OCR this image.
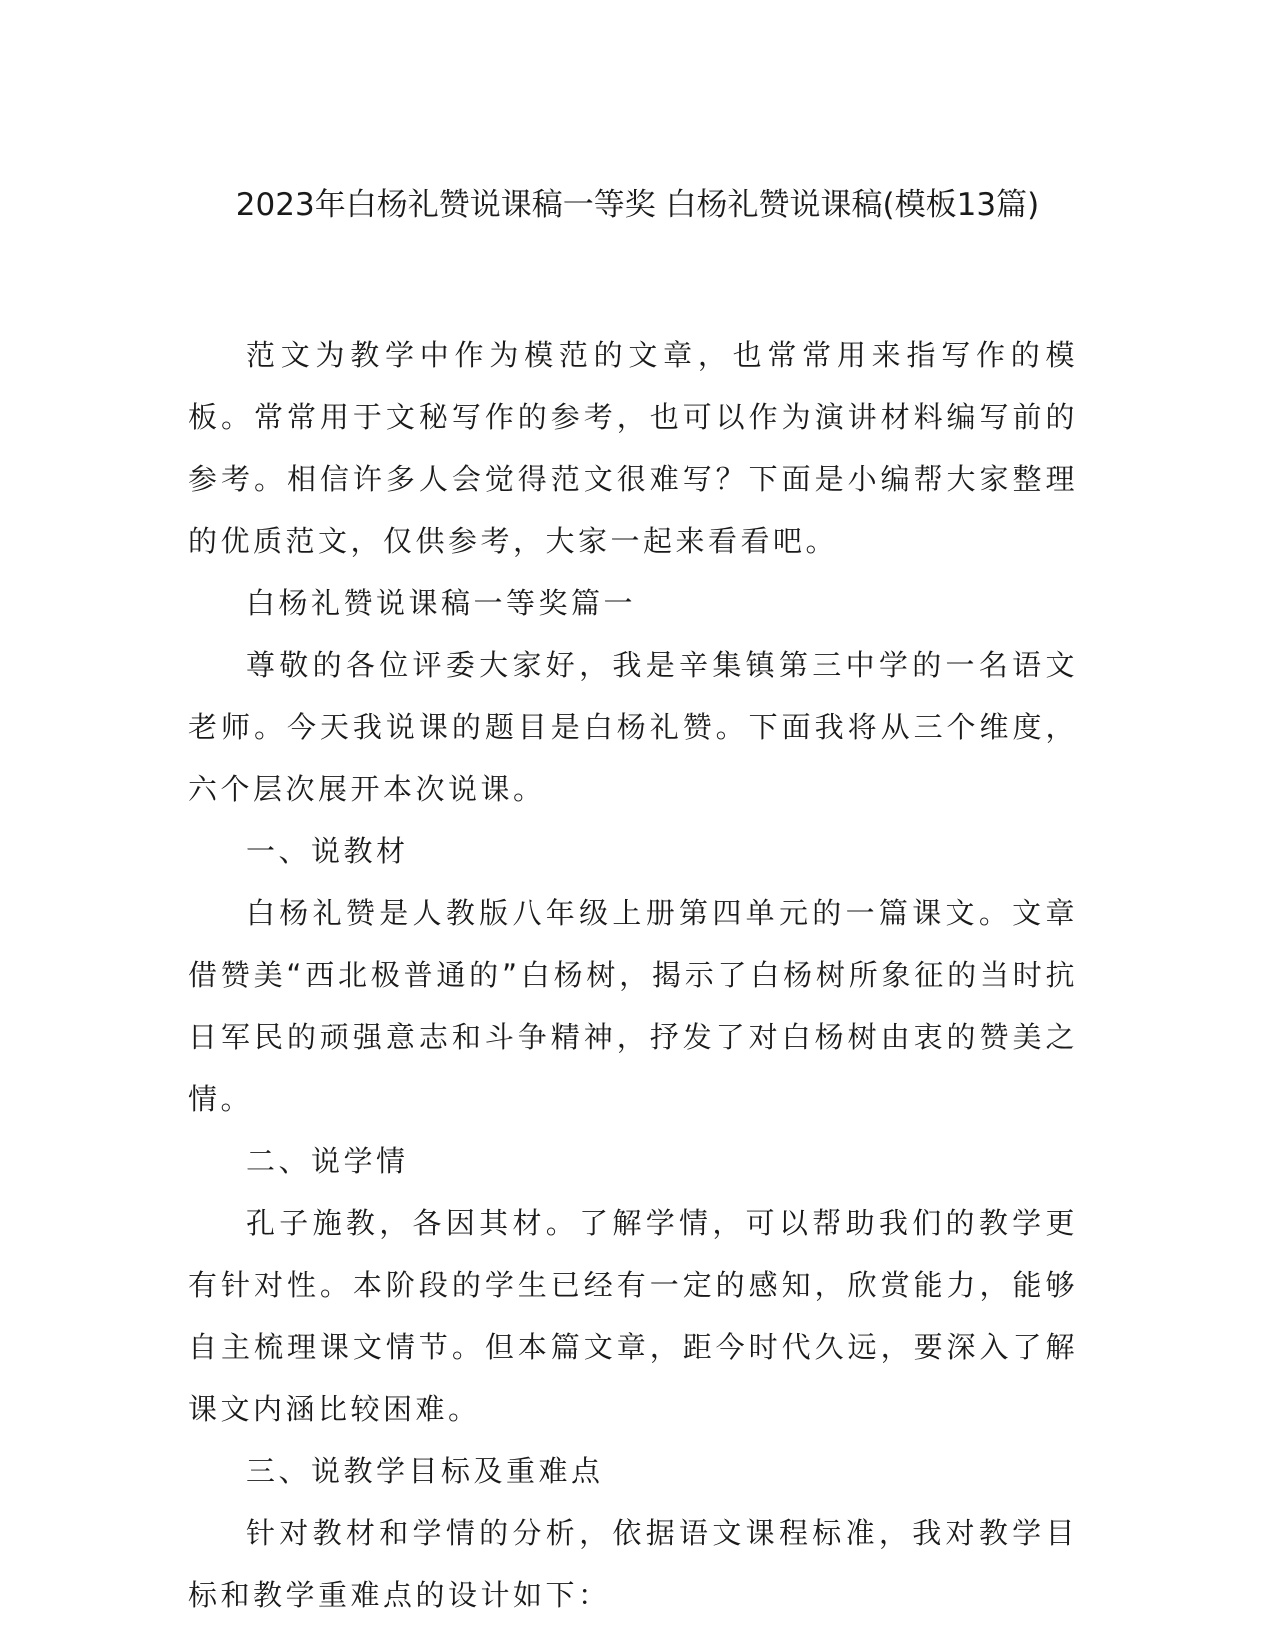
2023年白杨礼赞说课稿一等奖 白杨礼赞说课稿(模板13篇)

范文为教学中作为模范的文章，也常常用来指写作的模板。常常用于文秘写作的参考，也可以作为演讲材料编写前的参考。相信许多人会觉得范文很难写？下面是小编帮大家整理的优质范文，仅供参考，大家一起来看看吧。

白杨礼赞说课稿一等奖篇一

尊敬的各位评委大家好，我是辛集镇第三中学的一名语文老师。今天我说课的题目是白杨礼赞。下面我将从三个维度，六个层次展开本次说课。

一、说教材

白杨礼赞是人教版八年级上册第四单元的一篇课文。文章借赞美“西北极普通的”白杨树，揭示了白杨树所象征的当时抗日军民的顽强意志和斗争精神，抒发了对白杨树由衷的赞美之情。

二、说学情

孔子施教，各因其材。了解学情，可以帮助我们的教学更有针对性。本阶段的学生已经有一定的感知，欣赏能力，能够自主梳理课文情节。但本篇文章，距今时代久远，要深入了解课文内涵比较困难。

三、说教学目标及重难点

针对教材和学情的分析，依据语文课程标准，我对教学目标和教学重难点的设计如下：
